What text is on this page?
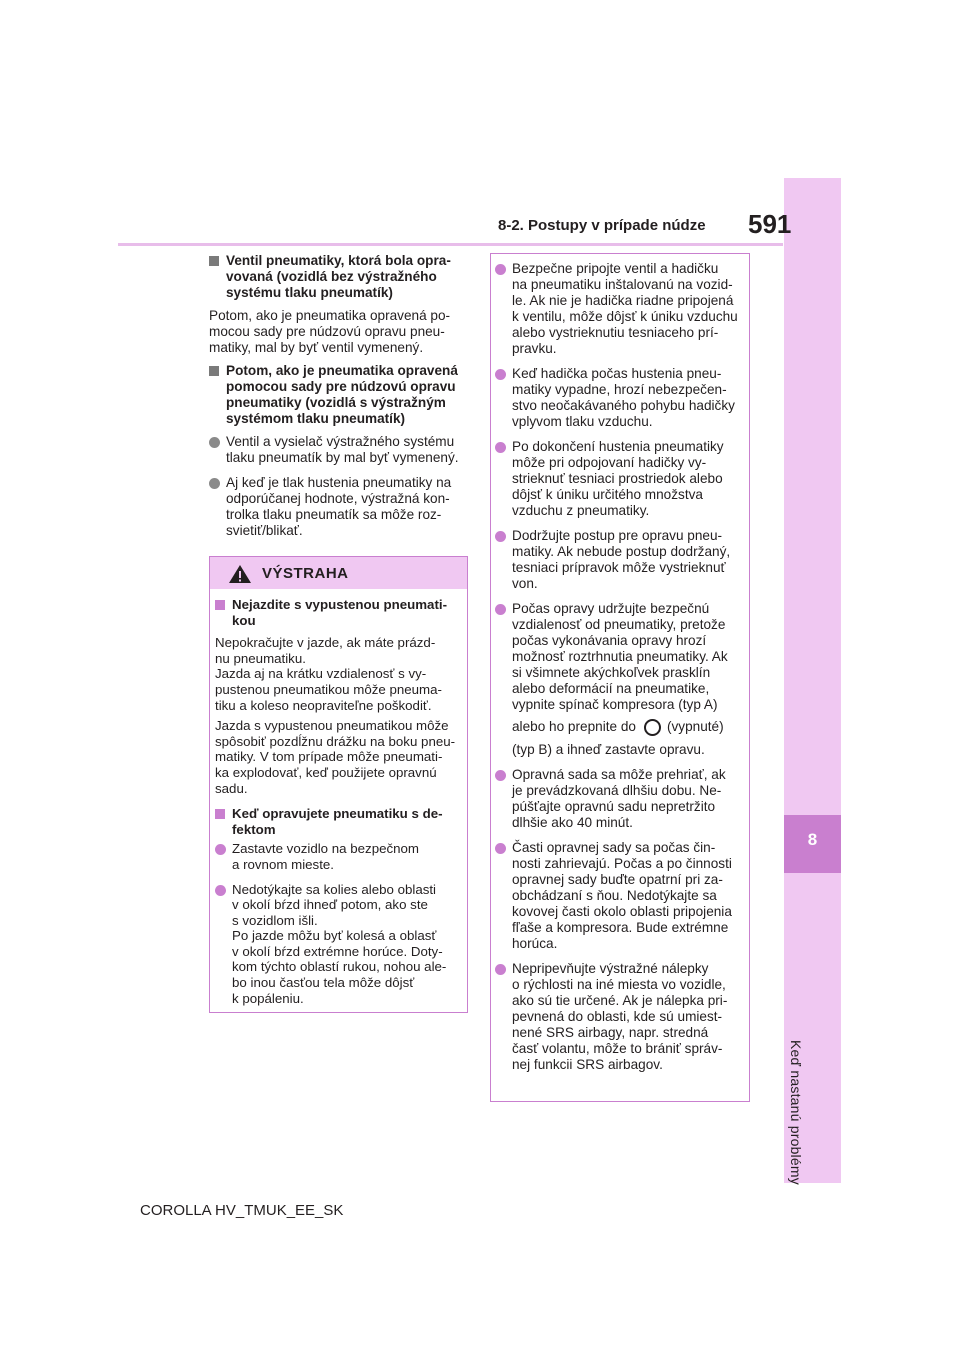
8
Keď nastanú problémy
8-2. Postupy v prípade núdze 591
Ventil pneumatiky, ktorá bola opra-
vovaná (vozidlá bez výstražného
systému tlaku pneumatík)
Potom, ako je pneumatika opravená po-
mocou sady pre núdzovú opravu pneu-
matiky, mal by byť ventil vymenený.
Potom, ako je pneumatika opravená
pomocou sady pre núdzovú opravu
pneumatiky (vozidlá s výstražným
systémom tlaku pneumatík)
Ventil a vysielač výstražného systému
tlaku pneumatík by mal byť vymenený.
Aj keď je tlak hustenia pneumatiky na
odporúčanej hodnote, výstražná kon-
trolka tlaku pneumatík sa môže roz-
svietiť/blikať.
VÝSTRAHA
Nejazdite s vypustenou pneumati-
kou
Nepokračujte v jazde, ak máte prázd-
nu pneumatiku.
Jazda aj na krátku vzdialenosť s vy-
pustenou pneumatikou môže pneuma-
tiku a koleso neopraviteľne poškodiť.
Jazda s vypustenou pneumatikou môže
spôsobiť pozdĺžnu drážku na boku pneu-
matiky. V tom prípade môže pneumati-
ka explodovať, keď použijete opravnú
sadu.
Keď opravujete pneumatiku s de-
fektom
Zastavte vozidlo na bezpečnom
a rovnom mieste.
Nedotýkajte sa kolies alebo oblasti
v okolí bŕzd ihneď potom, ako ste
s vozidlom išli.
Po jazde môžu byť kolesá a oblasť
v okolí bŕzd extrémne horúce. Doty-
kom týchto oblastí rukou, nohou ale-
bo inou časťou tela môže dôjsť
k popáleniu.
Bezpečne pripojte ventil a hadičku
na pneumatiku inštalovanú na vozid-
le. Ak nie je hadička riadne pripojená
k ventilu, môže dôjsť k úniku vzduchu
alebo vystrieknutiu tesniaceho prí-
pravku.
Keď hadička počas hustenia pneu-
matiky vypadne, hrozí nebezpečen-
stvo neočakávaného pohybu hadičky
vplyvom tlaku vzduchu.
Po dokončení hustenia pneumatiky
môže pri odpojovaní hadičky vy-
strieknuť tesniaci prostriedok alebo
dôjsť k úniku určitého množstva
vzduchu z pneumatiky.
Dodržujte postup pre opravu pneu-
matiky. Ak nebude postup dodržaný,
tesniaci prípravok môže vystrieknuť
von.
Počas opravy udržujte bezpečnú
vzdialenosť od pneumatiky, pretože
počas vykonávania opravy hrozí
možnosť roztrhnutia pneumatiky. Ak
si všimnete akýchkoľvek prasklín
alebo deformácií na pneumatike,
vypnite spínač kompresora (typ A)
alebo ho prepnite do (vypnuté)
(typ B) a ihneď zastavte opravu.
Opravná sada sa môže prehriať, ak
je prevádzkovaná dlhšiu dobu. Ne-
púšťajte opravnú sadu nepretržito
dlhšie ako 40 minút.
Časti opravnej sady sa počas čin-
nosti zahrievajú. Počas a po činnosti
opravnej sady buďte opatrní pri za-
obchádzaní s ňou. Nedotýkajte sa
kovovej časti okolo oblasti pripojenia
fľaše a kompresora. Bude extrémne
horúca.
Nepripevňujte výstražné nálepky
o rýchlosti na iné miesta vo vozidle,
ako sú tie určené. Ak je nálepka pri-
pevnená do oblasti, kde sú umiest-
nené SRS airbagy, napr. stredná
časť volantu, môže to brániť správ-
nej funkcii SRS airbagov.
COROLLA HV_TMUK_EE_SK
